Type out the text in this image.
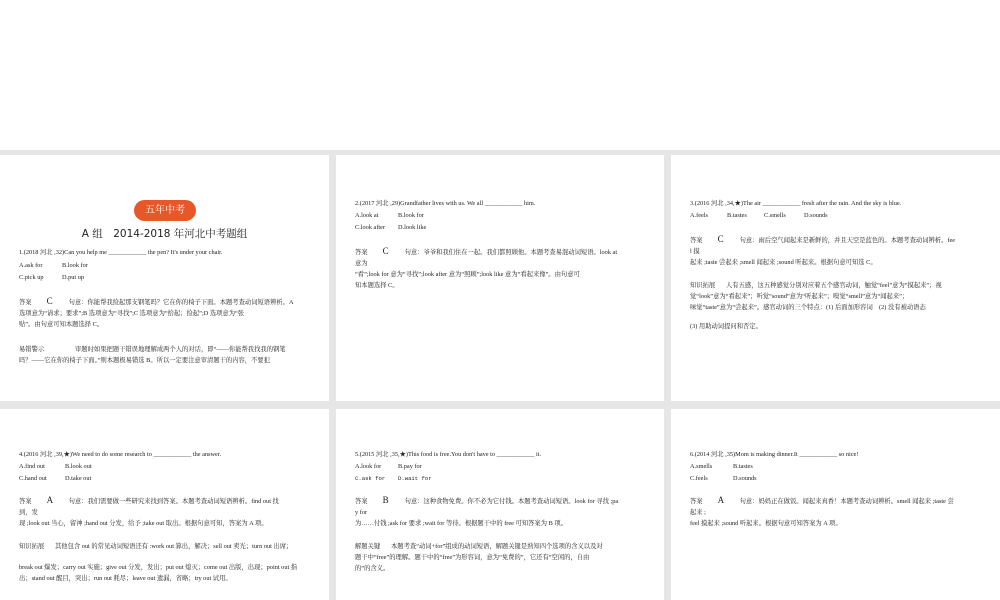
五年中考
A 组　2014-2018 年河北中考题组

1.(2018 河北 ,32)Can you help me ____________ the pen? It's under your chair.

A.ask for	B.look for

C.pick up	D.put up

答案 C	句意：你能帮我捡起那支钢笔吗？它在你的椅子下面。本题考查动词短语辨析。A

选项意为“请求；要求”;B 选项意为“寻找”;C 选项意为“拾起；捡起”;D 选项意为“张

贴”。由句意可知本题选择 C。

易错警示	审题时如果把题干错误地理解成两个人的对话，即“——你能帮我找我的钢笔

吗？——它在你的椅子下面。”则本题极易错选 B。所以一定要注意审清题干的内容，不要犯

2.(2017 河北 ,29)Grandfather lives with us. We all ____________ him.

A.look at	B.look for

C.look after D.look like

答案 C	句意：爷爷和我们住在一起。我们都照顾他。本题考查易混动词短语。look at

意为

“看”;look for 意为“寻找”;look after 意为“照顾”;look like 意为“看起来像”。由句意可

知本题选择 C。

3.(2016 河北 ,34,★)The air ____________ fresh after the rain. And the sky is blue.

A.feels	B.tastes	C.smells	D.sounds

答案 C	句意：雨后空气闻起来是新鲜的，并且天空是蓝色的。本题考查动词辨析。fee

l 摸

起来 ;taste 尝起来 ;smell 闻起来 ;sound 听起来。根据句意可知选 C。

知识拓展 人有五感，这五种感觉分别对应着五个感官动词，触觉“feel”意为“摸起来”；视

觉“look”意为“看起来”；听觉“sound”意为“听起来”；嗅觉“smell”意为“闻起来”；

味觉“taste”意为“尝起来”。感官动词的三个特点：(1) 后面加形容词　(2) 没有被动语态

(3) 用助动词提问和否定。

4.(2016 河北 ,39,★)We need to do some research to ____________ the answer.

A.find out	B.look out

C.hand out	D.take out

答案 A 句意：我们需要做一些研究来找到答案。本题考查动词短语辨析。find out 找

到，发

现 ;look out 当心，留神 ;hand out 分发，给予 ;take out 取出。根据句意可知，答案为 A 项。

知识拓展 其他包含 out 的常见动词短语还有 :work out 算出，解决；sell out 卖光；turn out 出席；

break out 爆发；carry out 实施；give out 分发，发出；put out 熄灭；come out 出版，出现；point out 指

出；stand out 醒目，突出；run out 耗尽；leave out 遗漏，省略；try out 试用。

5.(2015 河北 ,35,★)This food is free.You don't have to ____________ it.

A.look for	B.pay for

C.ask for D.wait for

答案 B	句意：这种食物免费。你不必为它付钱。本题考查动词短语。look for 寻找 ;pa

y for

为……付钱 ;ask for 要求 ;wait for 等待。根据题干中的 free 可知答案为 B 项。

解题关键 本题考查“动词+for”组成的动词短语，解题关键是熟知四个选项的含义以及对

题干中“free”的理解。题干中的“free”为形容词，意为“免费的”，它还有“空闲的，自由

的”的含义。

6.(2014 河北 ,35)Mom is making dinner.It ____________ so nice!

A.smells	B.tastes

C.feels	D.sounds

答案 A 句意：妈妈正在做饭。闻起来真香！本题考查动词辨析。smell 闻起来 ;taste 尝

起来 ;

feel 摸起来 ;sound 听起来。根据句意可知答案为 A 项。
